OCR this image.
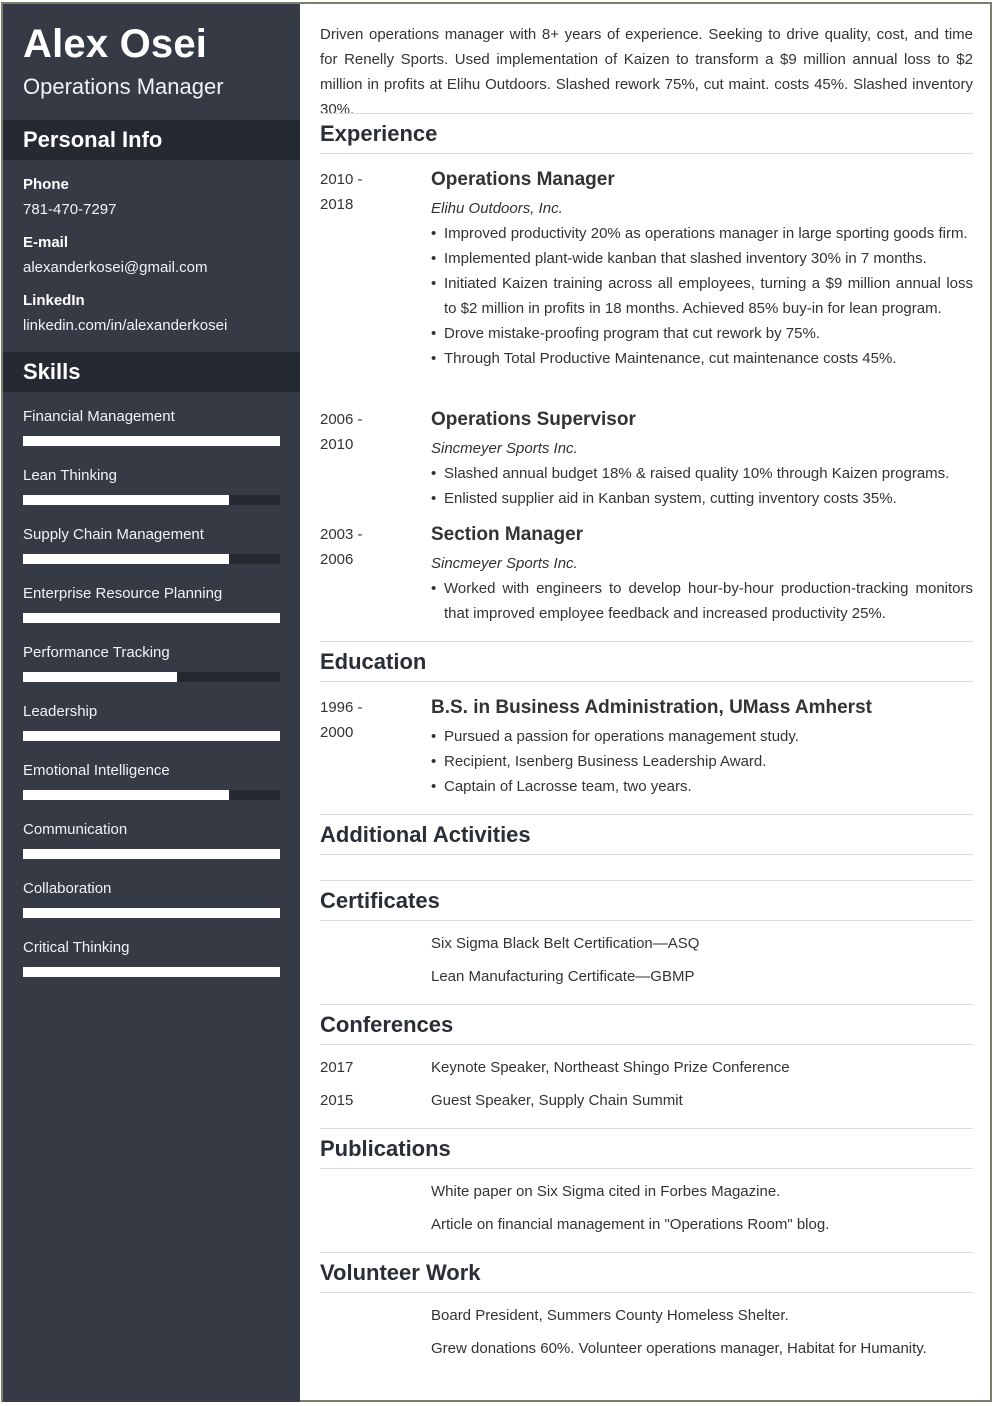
Alex Osei
Operations Manager
Personal Info
Phone
781-470-7297
E-mail
alexanderkosei@gmail.com
LinkedIn
linkedin.com/in/alexanderkosei
Skills
Financial Management
Lean Thinking
Supply Chain Management
Enterprise Resource Planning
Performance Tracking
Leadership
Emotional Intelligence
Communication
Collaboration
Critical Thinking

Driven operations manager with 8+ years of experience. Seeking to drive quality, cost, and time for Renelly Sports. Used implementation of Kaizen to transform a $9 million annual loss to $2 million in profits at Elihu Outdoors. Slashed rework 75%, cut maint. costs 45%. Slashed inventory 30%.

Experience
2010 -
2018
Operations Manager
Elihu Outdoors, Inc.
• Improved productivity 20% as operations manager in large sporting goods firm.
• Implemented plant-wide kanban that slashed inventory 30% in 7 months.
• Initiated Kaizen training across all employees, turning a $9 million annual loss to $2 million in profits in 18 months. Achieved 85% buy-in for lean program.
• Drove mistake-proofing program that cut rework by 75%.
• Through Total Productive Maintenance, cut maintenance costs 45%.
2006 -
2010
Operations Supervisor
Sincmeyer Sports Inc.
• Slashed annual budget 18% & raised quality 10% through Kaizen programs.
• Enlisted supplier aid in Kanban system, cutting inventory costs 35%.
2003 -
2006
Section Manager
Sincmeyer Sports Inc.
• Worked with engineers to develop hour-by-hour production-tracking monitors that improved employee feedback and increased productivity 25%.
Education
1996 -
2000
B.S. in Business Administration, UMass Amherst
• Pursued a passion for operations management study.
• Recipient, Isenberg Business Leadership Award.
• Captain of Lacrosse team, two years.
Additional Activities
Certificates
Six Sigma Black Belt Certification—ASQ
Lean Manufacturing Certificate—GBMP
Conferences
2017	Keynote Speaker, Northeast Shingo Prize Conference
2015	Guest Speaker, Supply Chain Summit
Publications
White paper on Six Sigma cited in Forbes Magazine.
Article on financial management in "Operations Room" blog.
Volunteer Work
Board President, Summers County Homeless Shelter.
Grew donations 60%. Volunteer operations manager, Habitat for Humanity.
